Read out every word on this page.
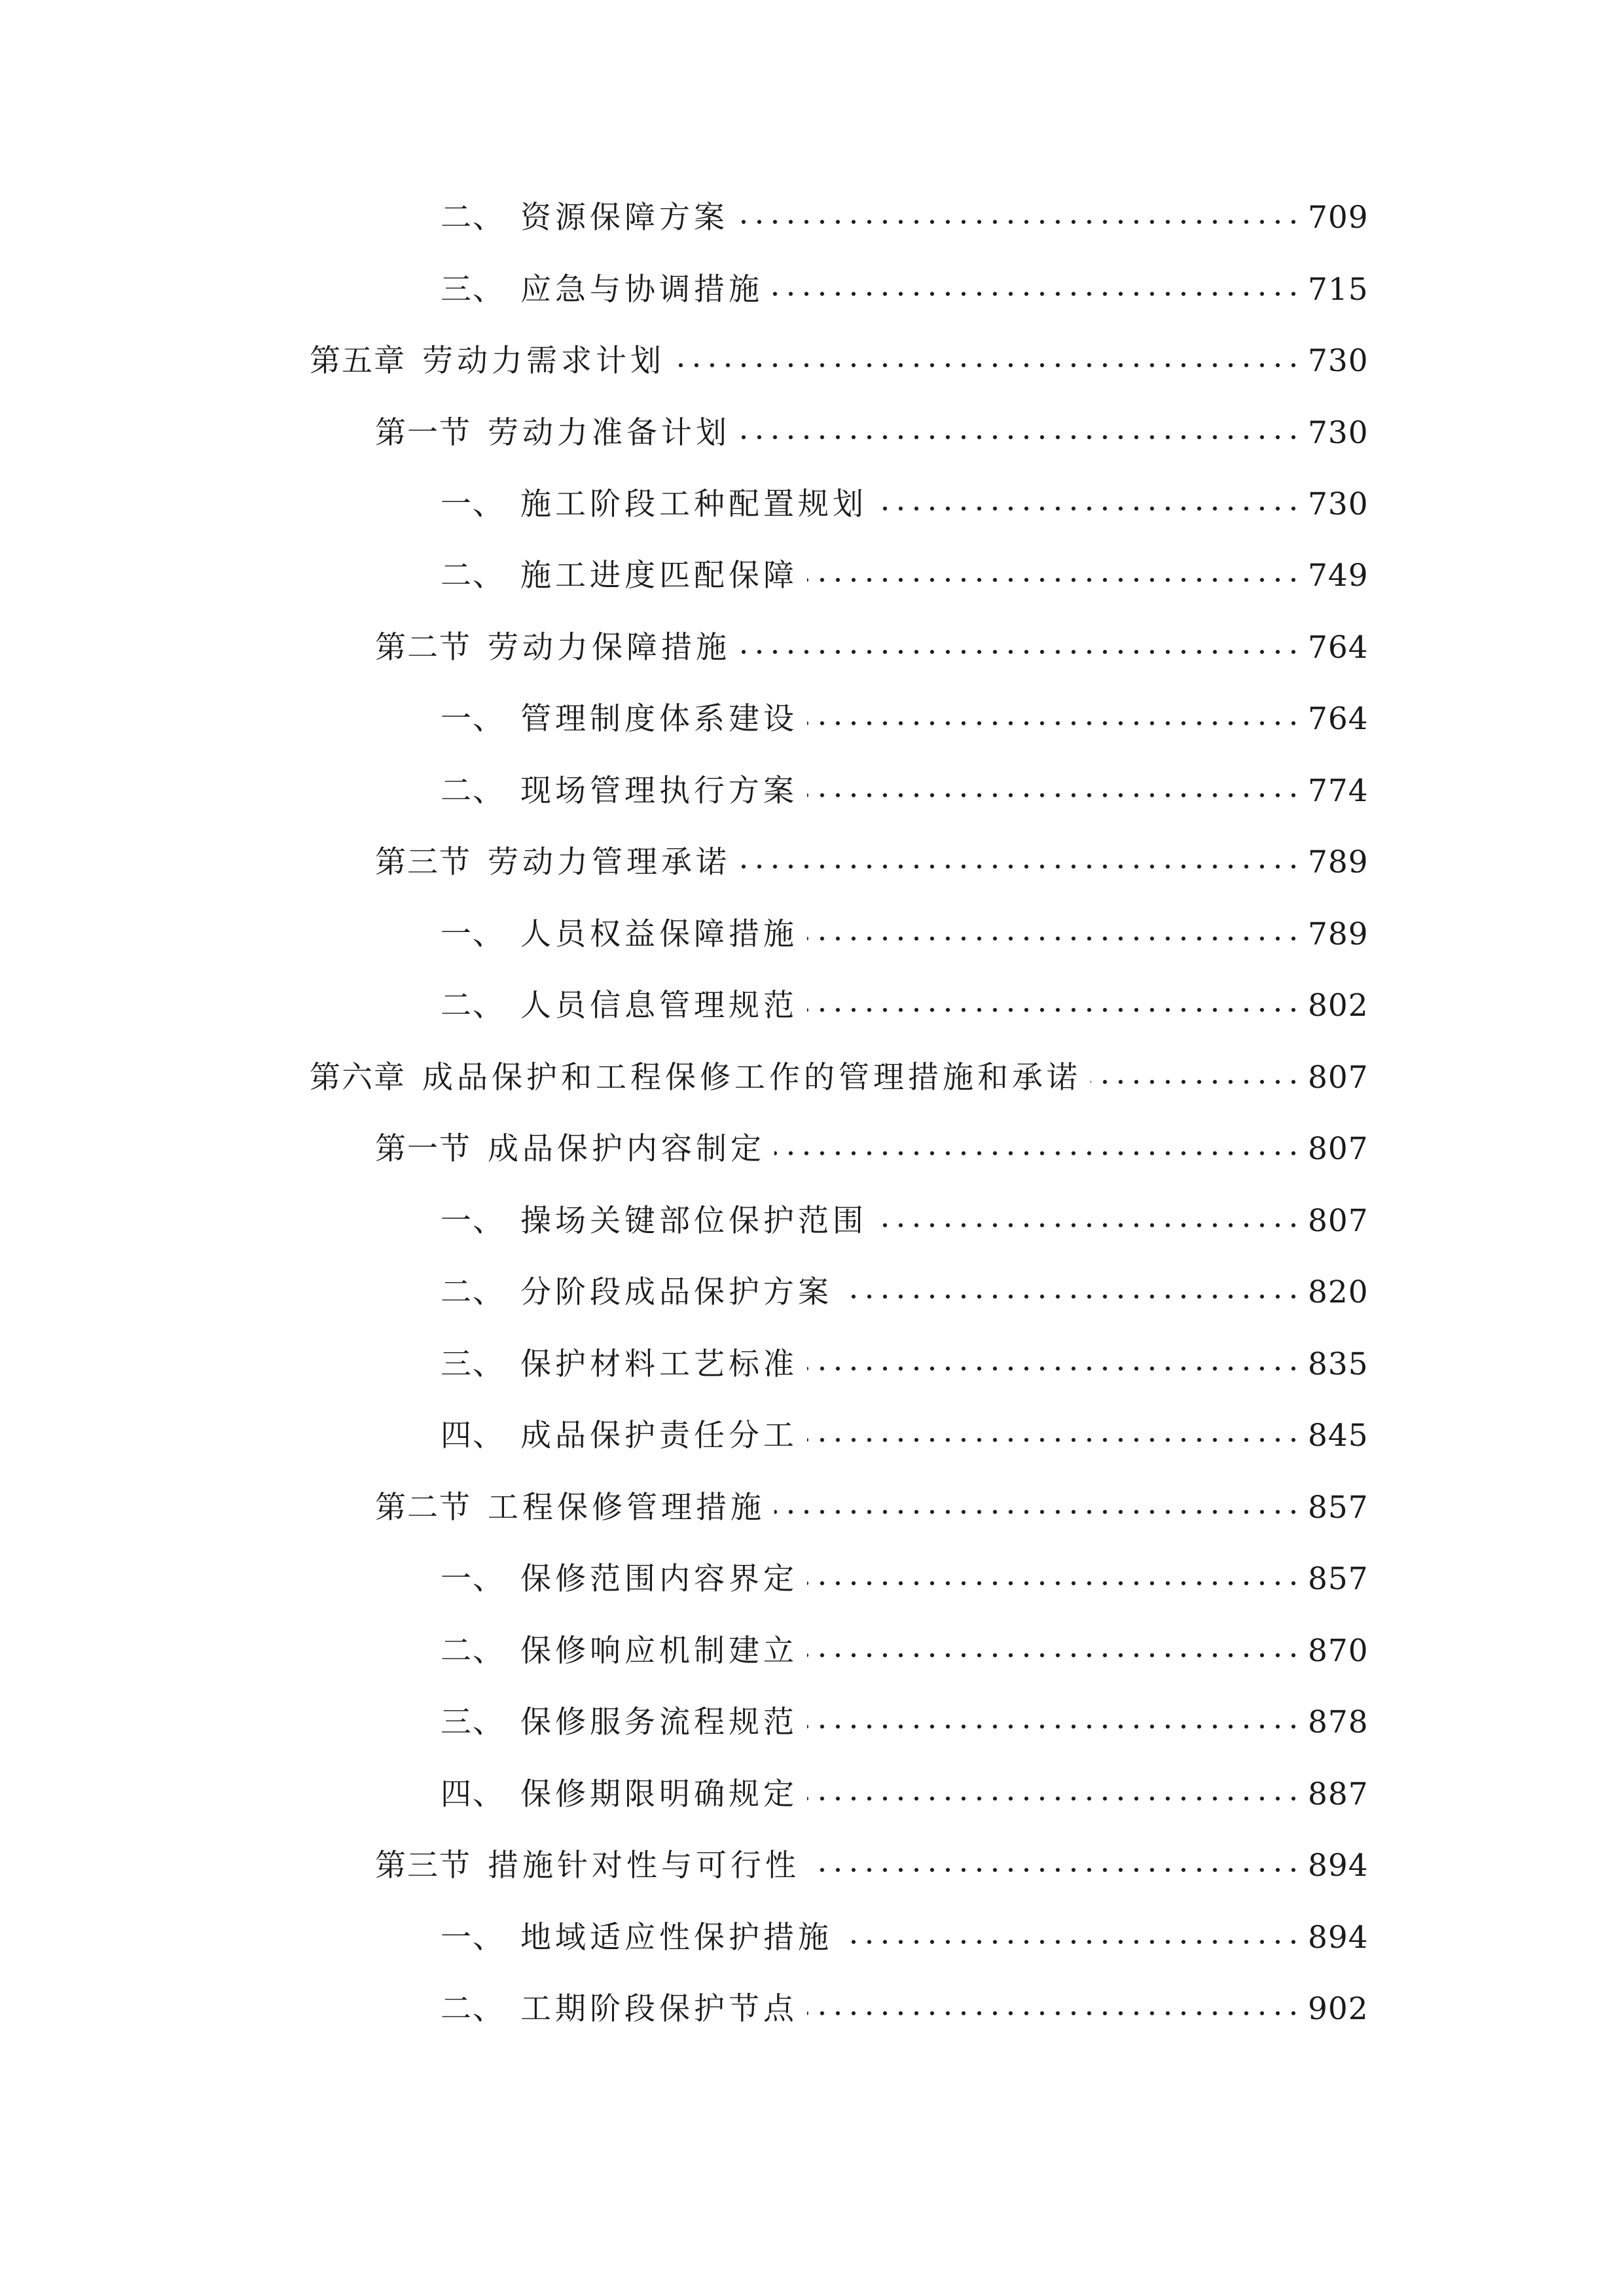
二、 资源保障方案	709
三、 应急与协调措施	715
第五章 劳动力需求计划	730
第一节 劳动力准备计划	730
一、 施工阶段工种配置规划	730
二、 施工进度匹配保障	749
第二节 劳动力保障措施	764
一、 管理制度体系建设	764
二、 现场管理执行方案	774
第三节 劳动力管理承诺	789
一、 人员权益保障措施	789
二、 人员信息管理规范	802
第六章 成品保护和工程保修工作的管理措施和承诺	807
第一节 成品保护内容制定	807
一、 操场关键部位保护范围	807
二、 分阶段成品保护方案	820
三、 保护材料工艺标准	835
四、 成品保护责任分工	845
第二节 工程保修管理措施	857
一、 保修范围内容界定	857
二、 保修响应机制建立	870
三、 保修服务流程规范	878
四、 保修期限明确规定	887
第三节 措施针对性与可行性	894
一、 地域适应性保护措施	894
二、 工期阶段保护节点	902
